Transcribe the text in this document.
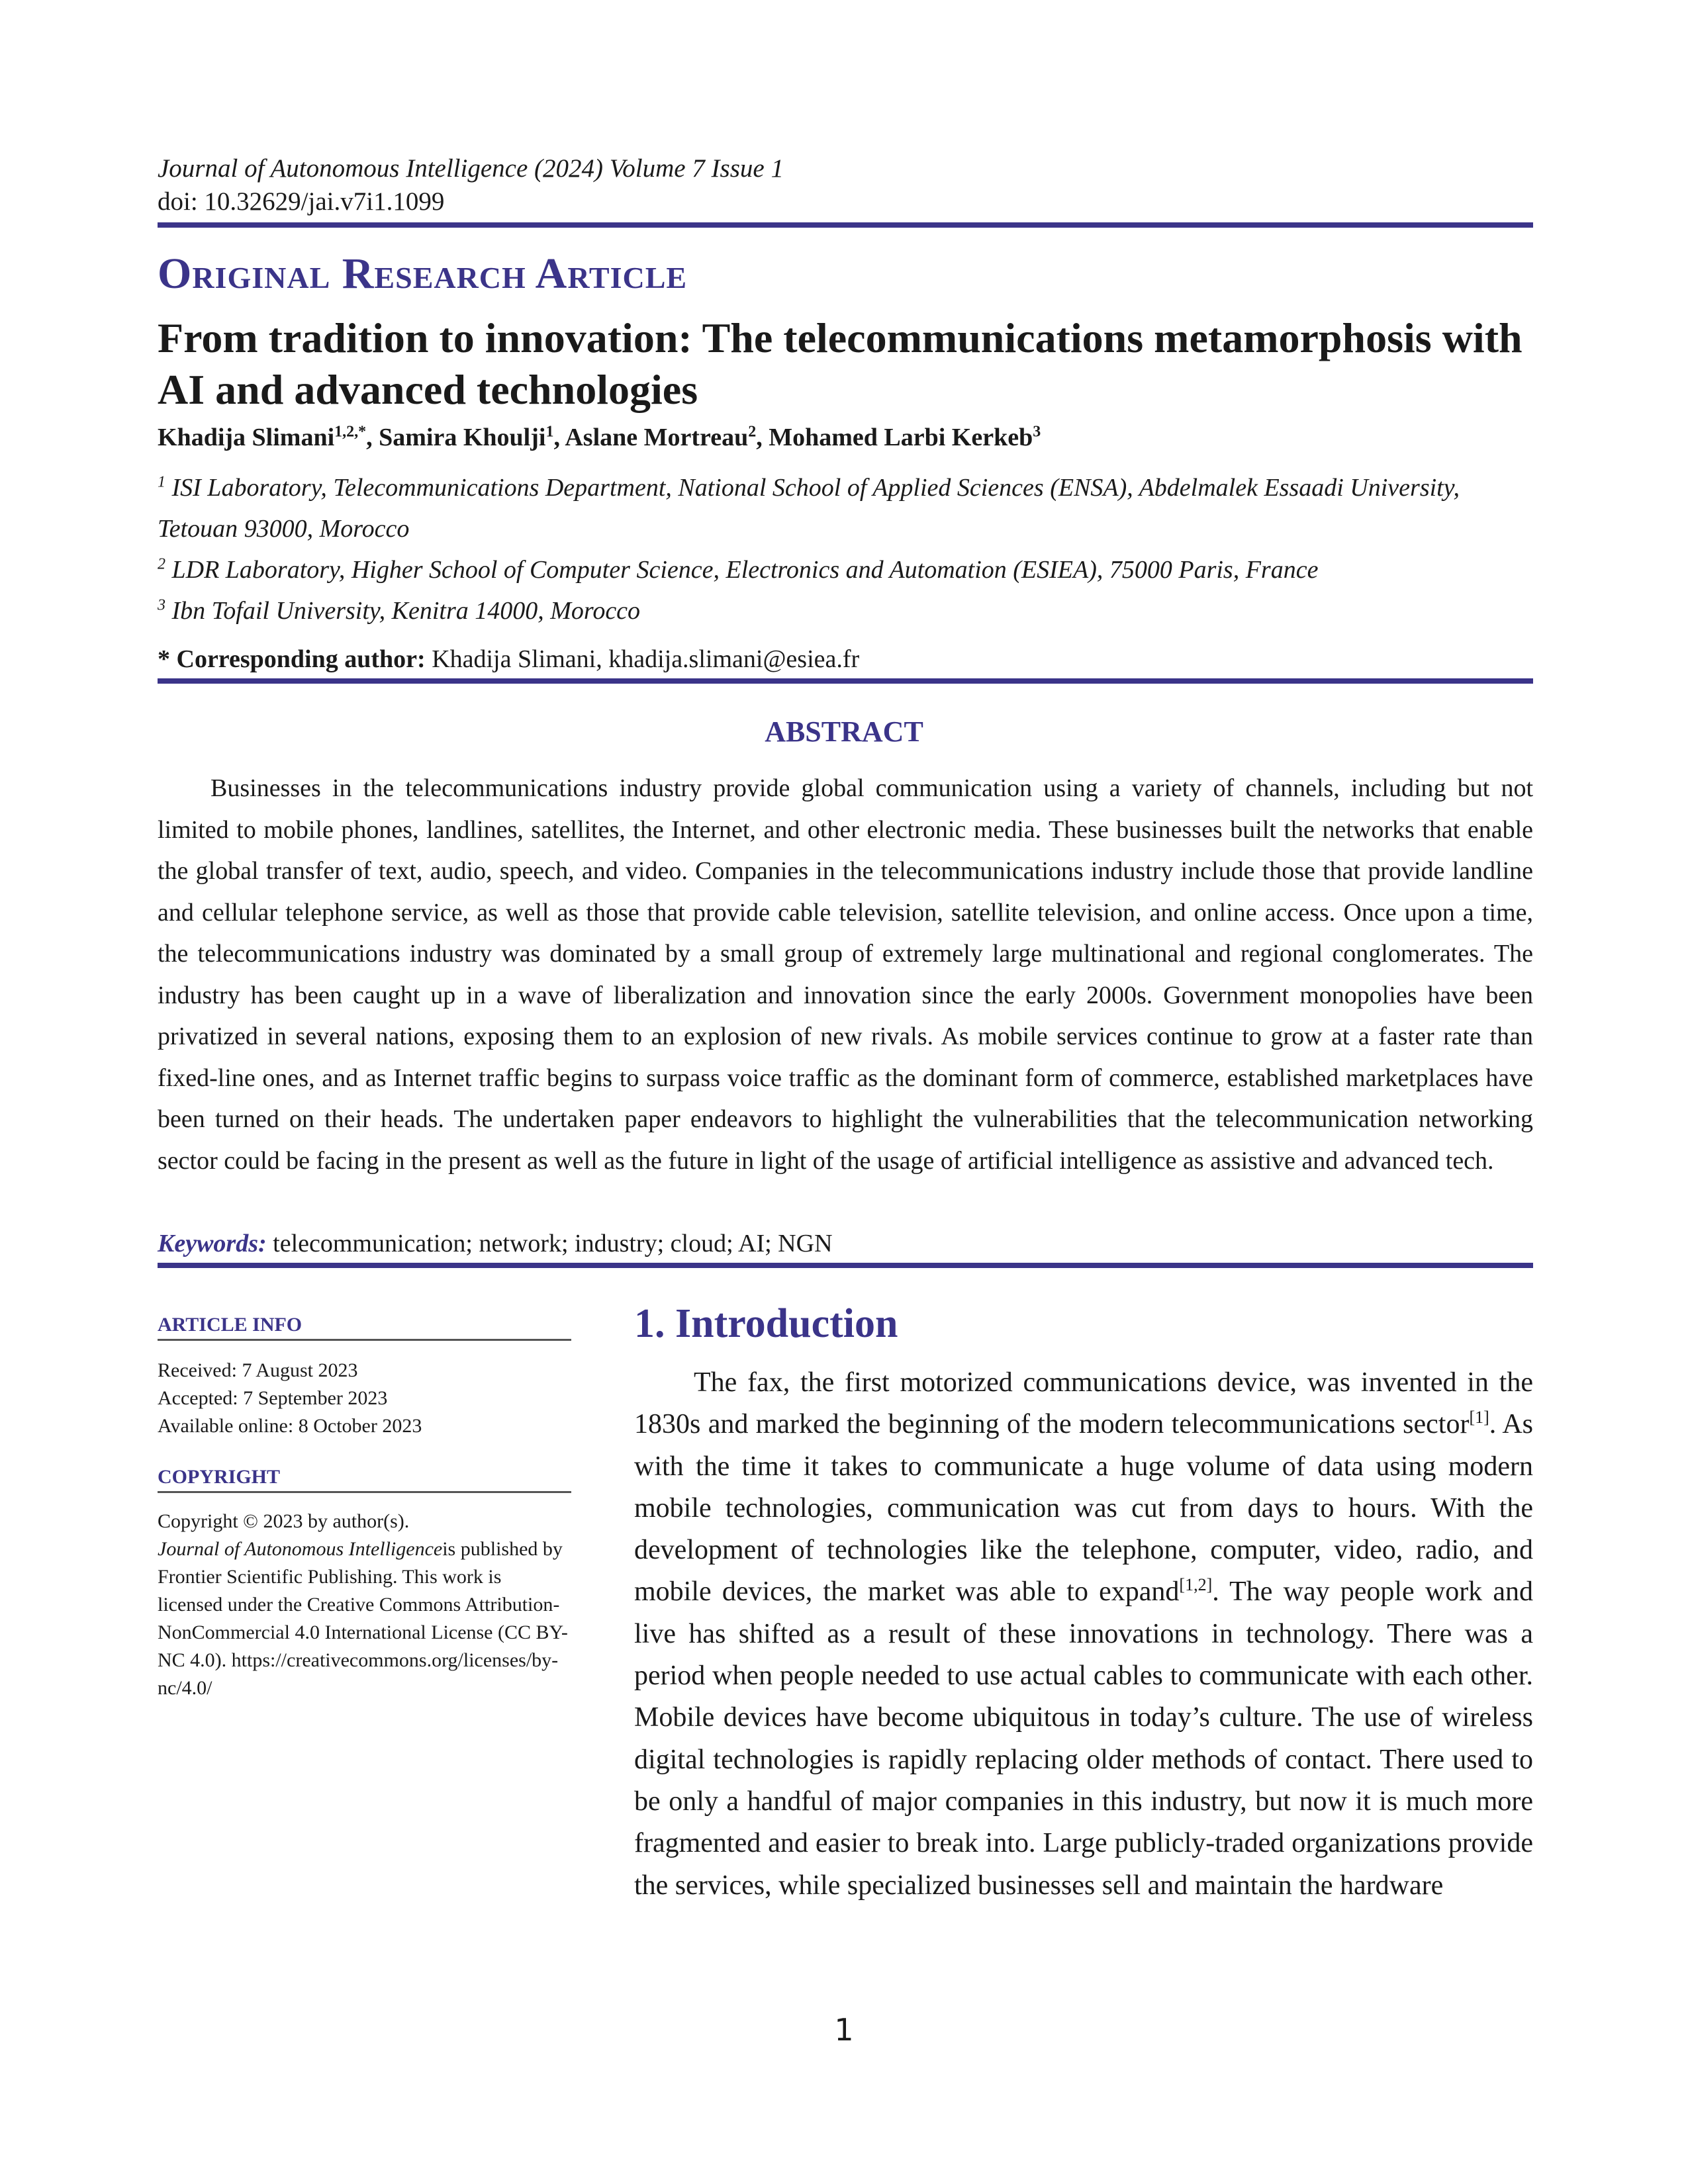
Journal of Autonomous Intelligence (2024) Volume 7 Issue 1
doi: 10.32629/jai.v7i1.1099
Original Research Article
From tradition to innovation: The telecommunications metamorphosis with AI and advanced technologies
Khadija Slimani$^{1,2,*}$, Samira Khoulji$^1$, Aslane Mortreau$^2$, Mohamed Larbi Kerkeb$^3$
$^1$ ISI Laboratory, Telecommunications Department, National School of Applied Sciences (ENSA), Abdelmalek Essaadi University, Tetouan 93000, Morocco
$^2$ LDR Laboratory, Higher School of Computer Science, Electronics and Automation (ESIEA), 75000 Paris, France
$^3$ Ibn Tofail University, Kenitra 14000, Morocco
* Corresponding author: Khadija Slimani, khadija.slimani@esiea.fr
ABSTRACT

Businesses in the telecommunications industry provide global communication using a variety of channels, including but not limited to mobile phones, landlines, satellites, the Internet, and other electronic media. These businesses built the networks that enable the global transfer of text, audio, speech, and video. Companies in the telecommunications industry include those that provide landline and cellular telephone service, as well as those that provide cable television, satellite television, and online access. Once upon a time, the telecommunications industry was dominated by a small group of extremely large multinational and regional conglomerates. The industry has been caught up in a wave of liberalization and innovation since the early 2000s. Government monopolies have been privatized in several nations, exposing them to an explosion of new rivals. As mobile services continue to grow at a faster rate than fixed-line ones, and as Internet traffic begins to surpass voice traffic as the dominant form of commerce, established marketplaces have been turned on their heads. The undertaken paper endeavors to highlight the vulnerabilities that the telecommunication networking sector could be facing in the present as well as the future in light of the usage of artificial intelligence as assistive and advanced tech.

Keywords: telecommunication; network; industry; cloud; AI; NGN
ARTICLE INFO
Received: 7 August 2023
Accepted: 7 September 2023
Available online: 8 October 2023
COPYRIGHT
Copyright © 2023 by author(s).
Journal of Autonomous Intelligenceis published by Frontier Scientific Publishing. This work is licensed under the Creative Commons Attribution-NonCommercial 4.0 International License (CC BY-NC 4.0). https://creativecommons.org/licenses/by-nc/4.0/
1. Introduction

The fax, the first motorized communications device, was invented in the 1830s and marked the beginning of the modern telecommunications sector[1]. As with the time it takes to communicate a huge volume of data using modern mobile technologies, communication was cut from days to hours. With the development of technologies like the telephone, computer, video, radio, and mobile devices, the market was able to expand[1,2]. The way people work and live has shifted as a result of these innovations in technology. There was a period when people needed to use actual cables to communicate with each other. Mobile devices have become ubiquitous in today’s culture. The use of wireless digital technologies is rapidly replacing older methods of contact. There used to be only a handful of major companies in this industry, but now it is much more fragmented and easier to break into. Large publicly-traded organizations provide the services, while specialized businesses sell and maintain the hardware

1
